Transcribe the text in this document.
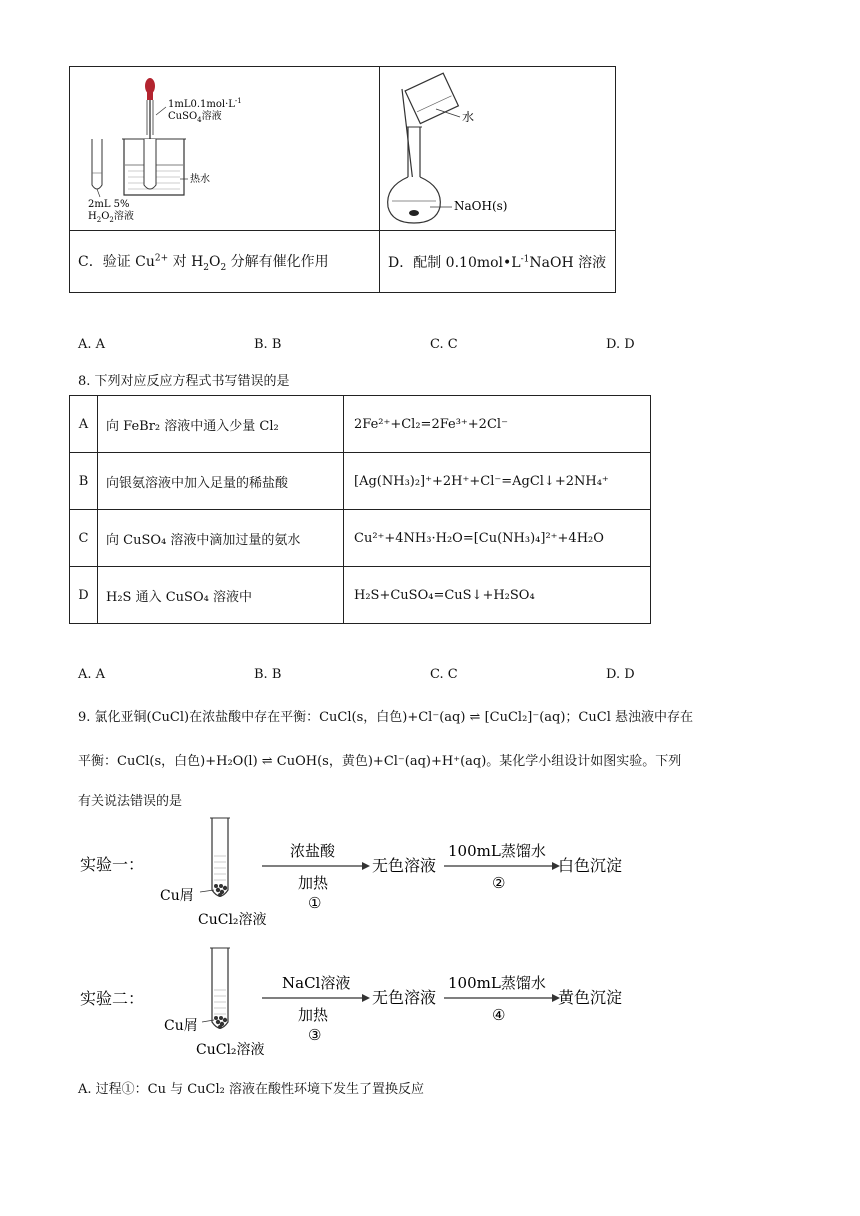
$1mL0.1mol\cdot L^{-1}$
CuSO$_4$溶液
热水
2mL 5%
$H_2O_2$溶液	水
NaOH(s)

C．验证 $Cu^{2+}$ 对 $H_2O_2$ 分解有催化作用	D．配制 $0.10mol•L^{-1}NaOH$ 溶液
A. A	B. B	C. C	D. D
8. 下列对应反应方程式书写错误的是
A	向 FeBr₂ 溶液中通入少量 Cl₂	2Fe²⁺+Cl₂=2Fe³⁺+2Cl⁻
B	向银氨溶液中加入足量的稀盐酸	[Ag(NH₃)₂]⁺+2H⁺+Cl⁻=AgCl↓+2NH₄⁺
C	向 CuSO₄ 溶液中滴加过量的氨水	Cu²⁺+4NH₃·H₂O=[Cu(NH₃)₄]²⁺+4H₂O
D	H₂S 通入 CuSO₄ 溶液中	H₂S+CuSO₄=CuS↓+H₂SO₄
A. A	B. B	C. C	D. D
9. 氯化亚铜(CuCl)在浓盐酸中存在平衡：CuCl(s，白色)+Cl⁻(aq) ⇌ [CuCl₂]⁻(aq)；CuCl 悬浊液中存在
平衡：CuCl(s，白色)+H₂O(l) ⇌ CuOH(s，黄色)+Cl⁻(aq)+H⁺(aq)。某化学小组设计如图实验。下列
有关说法错误的是
实验一：
Cu屑
CuCl₂溶液
浓盐酸
加热
①
无色溶液
100mL蒸馏水
②
白色沉淀
实验二：
Cu屑
CuCl₂溶液
NaCl溶液
加热
③
无色溶液
100mL蒸馏水
④
黄色沉淀
A. 过程①：Cu 与 CuCl₂ 溶液在酸性环境下发生了置换反应
